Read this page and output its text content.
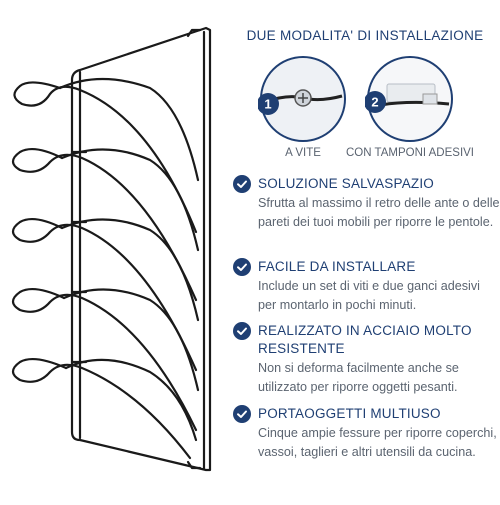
DUE MODALITA' DI INSTALLAZIONE
1	2
A VITE	CON TAMPONI ADESIVI
SOLUZIONE SALVASPAZIO
Sfrutta al massimo il retro delle ante o delle pareti dei tuoi mobili per riporre le pentole.
FACILE DA INSTALLARE
Include un set di viti e due ganci adesivi per montarlo in pochi minuti.
REALIZZATO IN ACCIAIO MOLTO RESISTENTE
Non si deforma facilmente anche se utilizzato per riporre oggetti pesanti.
PORTAOGGETTI MULTIUSO
Cinque ampie fessure per riporre coperchi, vassoi, taglieri e altri utensili da cucina.
